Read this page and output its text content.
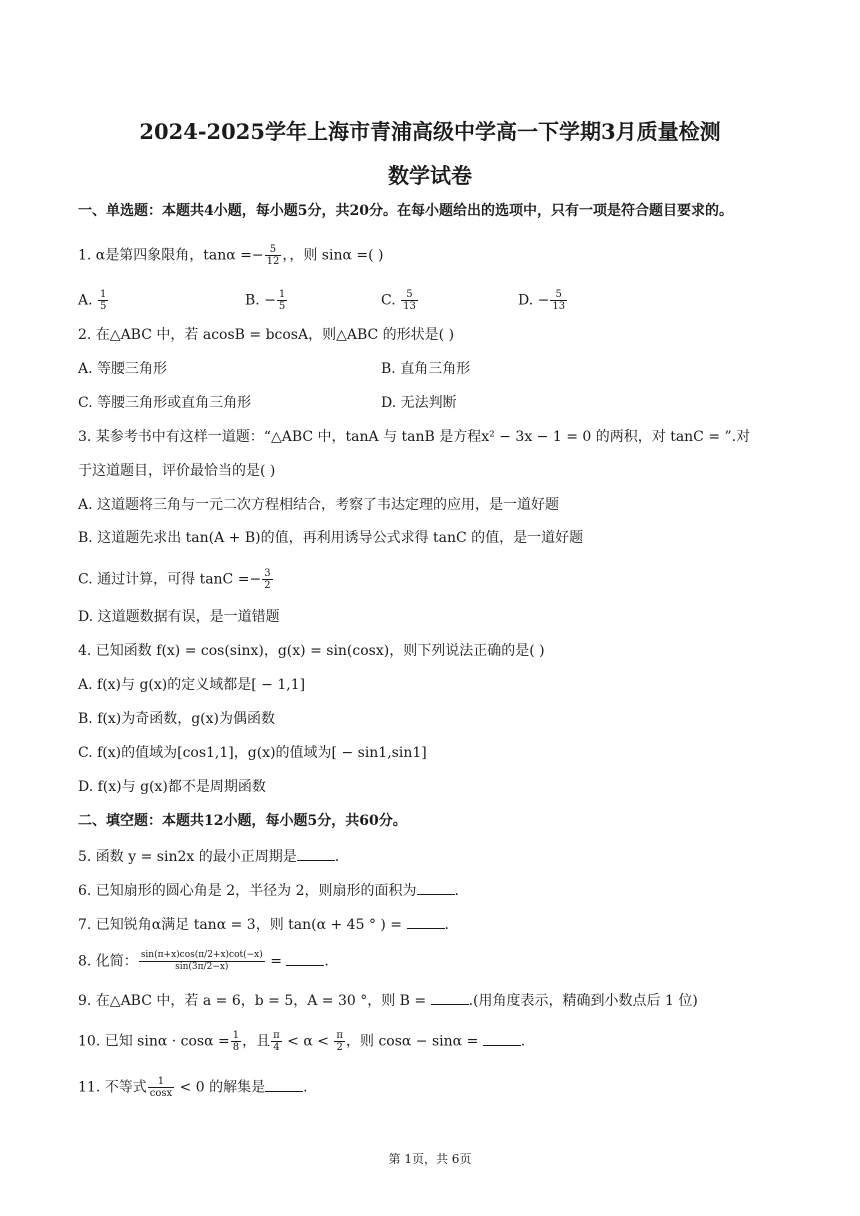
2024-2025学年上海市青浦高级中学高一下学期3月质量检测
数学试卷
一、单选题：本题共4小题，每小题5分，共20分。在每小题给出的选项中，只有一项是符合题目要求的。
1. α是第四象限角，$\tan\alpha =- \frac{5}{12}$ ，，则 sinα =( )
A. $\frac{1}{5}$	B. − $\frac{1}{5}$	C. $\frac{5}{13}$	D. − $\frac{5}{13}$
2. 在△ABC 中，若 acosB = bcosA，则△ABC 的形状是( )
A. 等腰三角形	B. 直角三角形
C. 等腰三角形或直角三角形	D. 无法判断
3. 某参考书中有这样一道题：“△ABC 中，tanA 与 tanB 是方程x² − 3x − 1 = 0 的两积，对 tanC = ”.对
于这道题目，评价最恰当的是( )
A. 这道题将三角与一元二次方程相结合，考察了韦达定理的应用，是一道好题
B. 这道题先求出 tan(A + B)的值，再利用诱导公式求得 tanC 的值，是一道好题
C. 通过计算，可得 $\tan C =- \frac{3}{2}$
D. 这道题数据有误，是一道错题
4. 已知函数 f(x) = cos(sinx)，g(x) = sin(cosx)，则下列说法正确的是( )
A. f(x)与 g(x)的定义域都是[ − 1,1]
B. f(x)为奇函数，g(x)为偶函数
C. f(x)的值域为[cos1,1]，g(x)的值域为[ − sin1,sin1]
D. f(x)与 g(x)都不是周期函数
二、填空题：本题共12小题，每小题5分，共60分。
5. 函数 y = sin2x 的最小正周期是	.
6. 已知扇形的圆心角是 2，半径为 2，则扇形的面积为	.
7. 已知锐角α满足 tanα = 3，则 tan(α + 45 ° ) =	.
8. 化简： $\frac{\sin(\pi+x)\cos(\pi/2+x)\cot(-x)}{\sin(3\pi/2-x)}$ =	.
9. 在△ABC 中，若 a = 6，b = 5，A = 30 °，则 B =	.(用角度表示，精确到小数点后 1 位)
10. 已知 $\sin\alpha \cdot \cos\alpha = \frac{1}{8}$ ，且 $\frac{\pi}{4} < \alpha < \frac{\pi}{2}$ ，则 cosα − sinα =	.
11. 不等式 $\frac{1}{\cos x} < 0$ 的解集是	.
第 1页，共 6页
